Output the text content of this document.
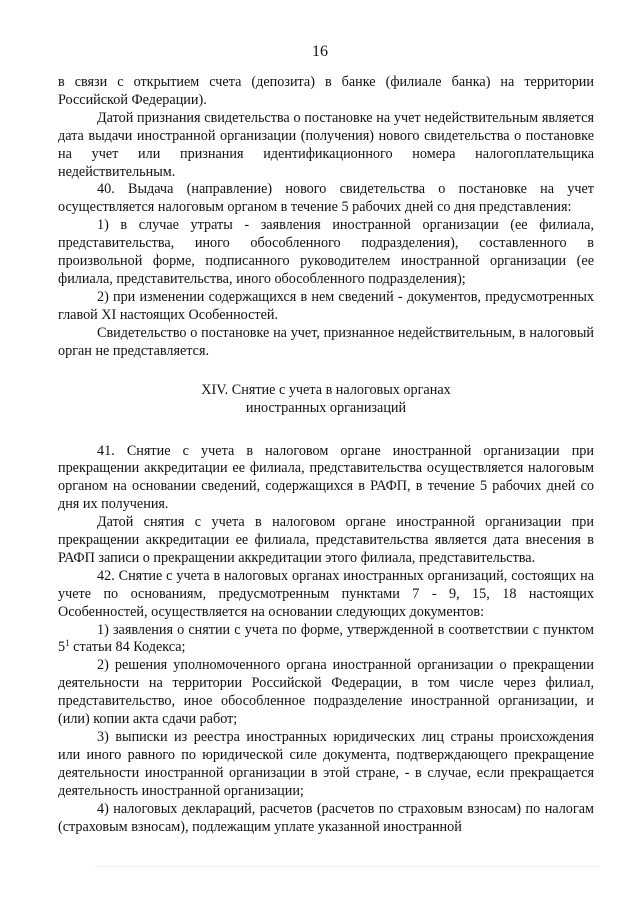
16

в связи с открытием счета (депозита) в банке (филиале банка) на территории Российской Федерации).

Датой признания свидетельства о постановке на учет недействительным является дата выдачи иностранной организации (получения) нового свидетельства о постановке на учет или признания идентификационного номера налогоплательщика недействительным.

40. Выдача (направление) нового свидетельства о постановке на учет осуществляется налоговым органом в течение 5 рабочих дней со дня представления:

1) в случае утраты - заявления иностранной организации (ее филиала, представительства, иного обособленного подразделения), составленного в произвольной форме, подписанного руководителем иностранной организации (ее филиала, представительства, иного обособленного подразделения);

2) при изменении содержащихся в нем сведений - документов, предусмотренных главой XI настоящих Особенностей.

Свидетельство о постановке на учет, признанное недействительным, в налоговый орган не представляется.

XIV. Снятие с учета в налоговых органах
иностранных организаций

41. Снятие с учета в налоговом органе иностранной организации при прекращении аккредитации ее филиала, представительства осуществляется налоговым органом на основании сведений, содержащихся в РАФП, в течение 5 рабочих дней со дня их получения.

Датой снятия с учета в налоговом органе иностранной организации при прекращении аккредитации ее филиала, представительства является дата внесения в РАФП записи о прекращении аккредитации этого филиала, представительства.

42. Снятие с учета в налоговых органах иностранных организаций, состоящих на учете по основаниям, предусмотренным пунктами 7 - 9, 15, 18 настоящих Особенностей, осуществляется на основании следующих документов:

1) заявления о снятии с учета по форме, утвержденной в соответствии с пунктом $5^1$ статьи 84 Кодекса;

2) решения уполномоченного органа иностранной организации о прекращении деятельности на территории Российской Федерации, в том числе через филиал, представительство, иное обособленное подразделение иностранной организации, и (или) копии акта сдачи работ;

3) выписки из реестра иностранных юридических лиц страны происхождения или иного равного по юридической силе документа, подтверждающего прекращение деятельности иностранной организации в этой стране, - в случае, если прекращается деятельность иностранной организации;

4) налоговых деклараций, расчетов (расчетов по страховым взносам) по налогам (страховым взносам), подлежащим уплате указанной иностранной
